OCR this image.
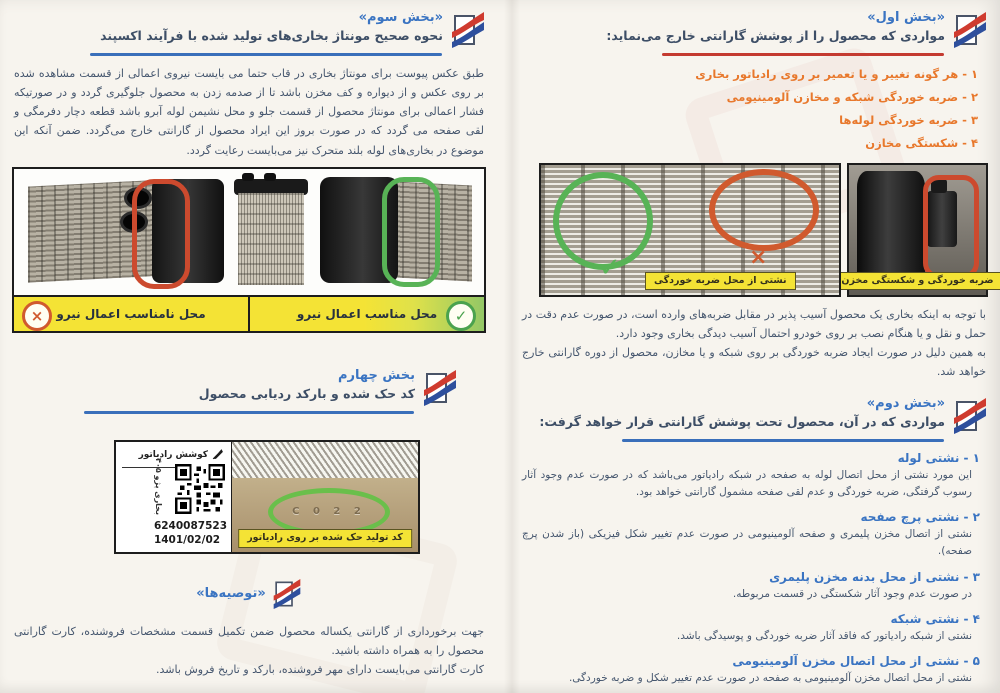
«بخش اول»
مواردی که محصول را از پوشش گارانتی خارج می‌نماید:
۱ - هر گونه تغییر و یا تعمیر بر روی رادیاتور بخاری
۲ - ضربه خوردگی شبکه و مخازن آلومینیومی
۳ - ضربه خوردگی لوله‌ها
۴ - شکستگی مخازن
ضربه خوردگی و شکستگی مخزن
✓	×
نشتی از محل ضربه خوردگی

با توجه به اینکه بخاری یک محصول آسیب پذیر در مقابل ضربه‌های وارده است، در صورت عدم دقت در حمل و نقل و یا هنگام نصب بر روی خودرو احتمال آسیب دیدگی بخاری وجود دارد.

به همین دلیل در صورت ایجاد ضربه خوردگی بر روی شبکه و یا مخازن، محصول از دوره گارانتی خارج خواهد شد.

«بخش دوم»
مواردی که در آن، محصول تحت پوشش گارانتی قرار خواهد گرفت:
۱ - نشتی لوله
این مورد نشتی از محل اتصال لوله به صفحه در شبکه رادیاتور می‌باشد که در صورت عدم وجود آثار رسوب گرفتگی، ضربه خوردگی و عدم لقی صفحه مشمول گارانتی خواهد بود.
۲ - نشتی پرچ صفحه
نشتی از اتصال مخزن پلیمری و صفحه آلومینیومی در صورت عدم تغییر شکل فیزیکی (باز شدن پرچ صفحه).
۳ - نشتی از محل بدنه مخزن پلیمری
در صورت عدم وجود آثار شکستگی در قسمت مربوطه.
۴ - نشتی شبکه
نشتی از شبکه رادیاتور که فاقد آثار ضربه خوردگی و پوسیدگی باشد.
۵ - نشتی از محل اتصال مخزن آلومینیومی
نشتی از محل اتصال مخزن آلومینیومی به صفحه در صورت عدم تغییر شکل و ضربه خوردگی.
«بخش سوم»
نحوه صحیح مونتاژ بخاری‌های تولید شده با فرآیند اکسپند

طبق عکس پیوست برای مونتاژ بخاری در قاب حتما می بایست نیروی اعمالی از قسمت مشاهده شده بر روی عکس و از دیواره و کف مخزن باشد تا از صدمه زدن به محصول جلوگیری گردد و در صورتیکه فشار اعمالی برای مونتاژ محصول از قسمت جلو و محل نشیمن لوله آبرو باشد قطعه دچار دفرمگی و لقی صفحه می گردد که در صورت بروز این ایراد محصول از گارانتی خارج می‌گردد. ضمن آنکه این موضوع در بخاری‌های لوله بلند متحرک نیز می‌بایست رعایت گردد.

محل مناسب اعمال نیرو	✓
×	محل نامناسب اعمال نیرو
بخش چهارم
کد حک شده و بارکد ردیابی محصول
2 2 C 0
کد تولید حک شده بر روی رادیاتور
کوشش رادیاتور
بخاری پژو ۴۰۵
6240087523
1401/02/02
«توصیه‌ها»

جهت برخورداری از گارانتی یکساله محصول ضمن تکمیل قسمت مشخصات فروشنده، کارت گارانتی محصول را به همراه داشته باشید.

کارت گارانتی می‌بایست دارای مهر فروشنده، بارکد و تاریخ فروش باشد.
